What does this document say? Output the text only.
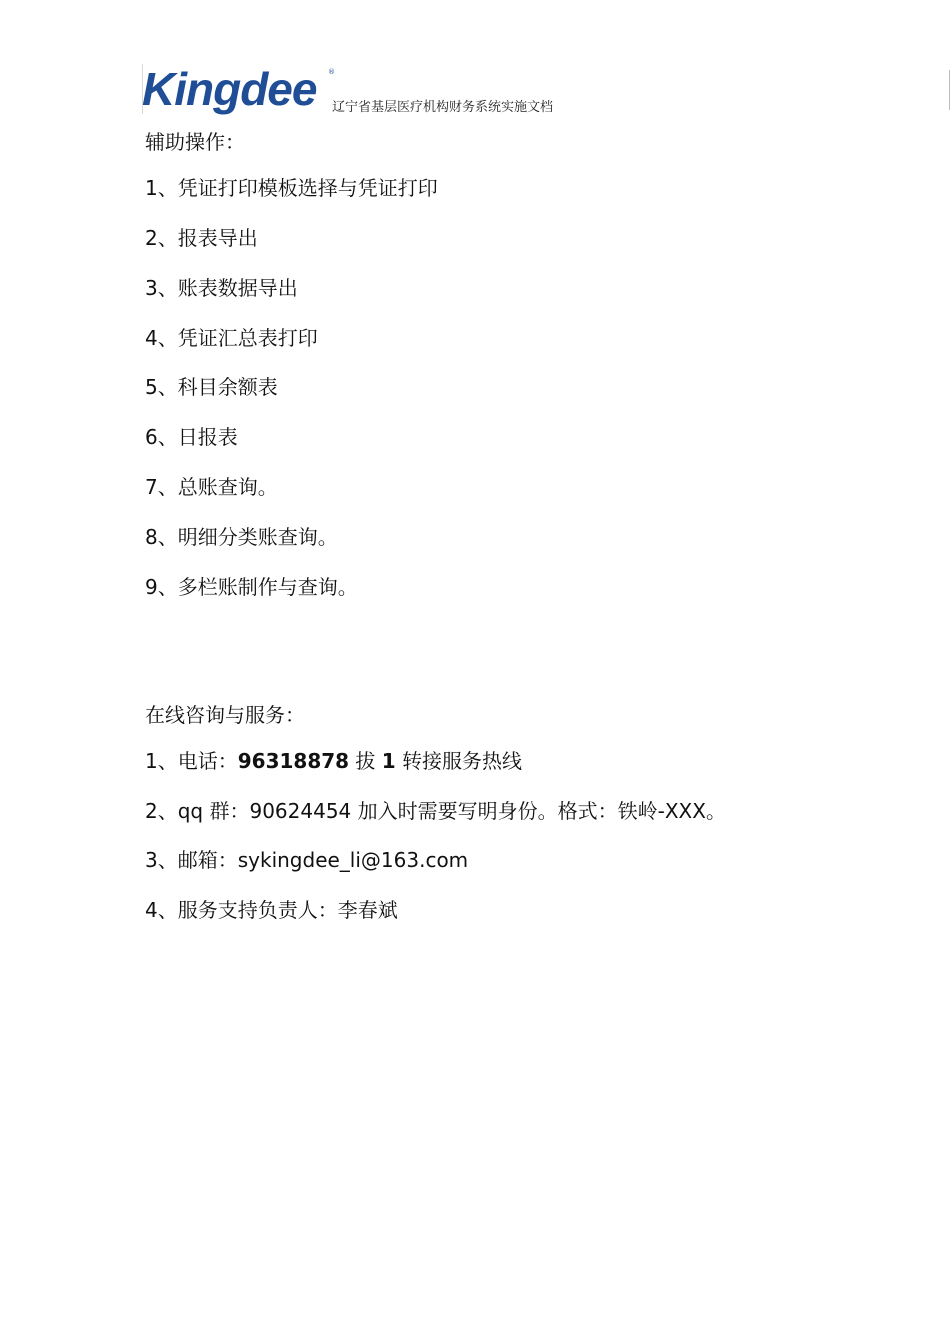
Kingdee ®
辽宁省基层医疗机构财务系统实施文档
辅助操作：
1、凭证打印模板选择与凭证打印
2、报表导出
3、账表数据导出
4、凭证汇总表打印
5、科目余额表
6、日报表
7、总账查询。
8、明细分类账查询。
9、多栏账制作与查询。
在线咨询与服务：
1、电话：96318878 拔 1 转接服务热线
2、qq 群：90624454 加入时需要写明身份。格式：铁岭-XXX。
3、邮箱：sykingdee_li@163.com
4、服务支持负责人：李春斌
